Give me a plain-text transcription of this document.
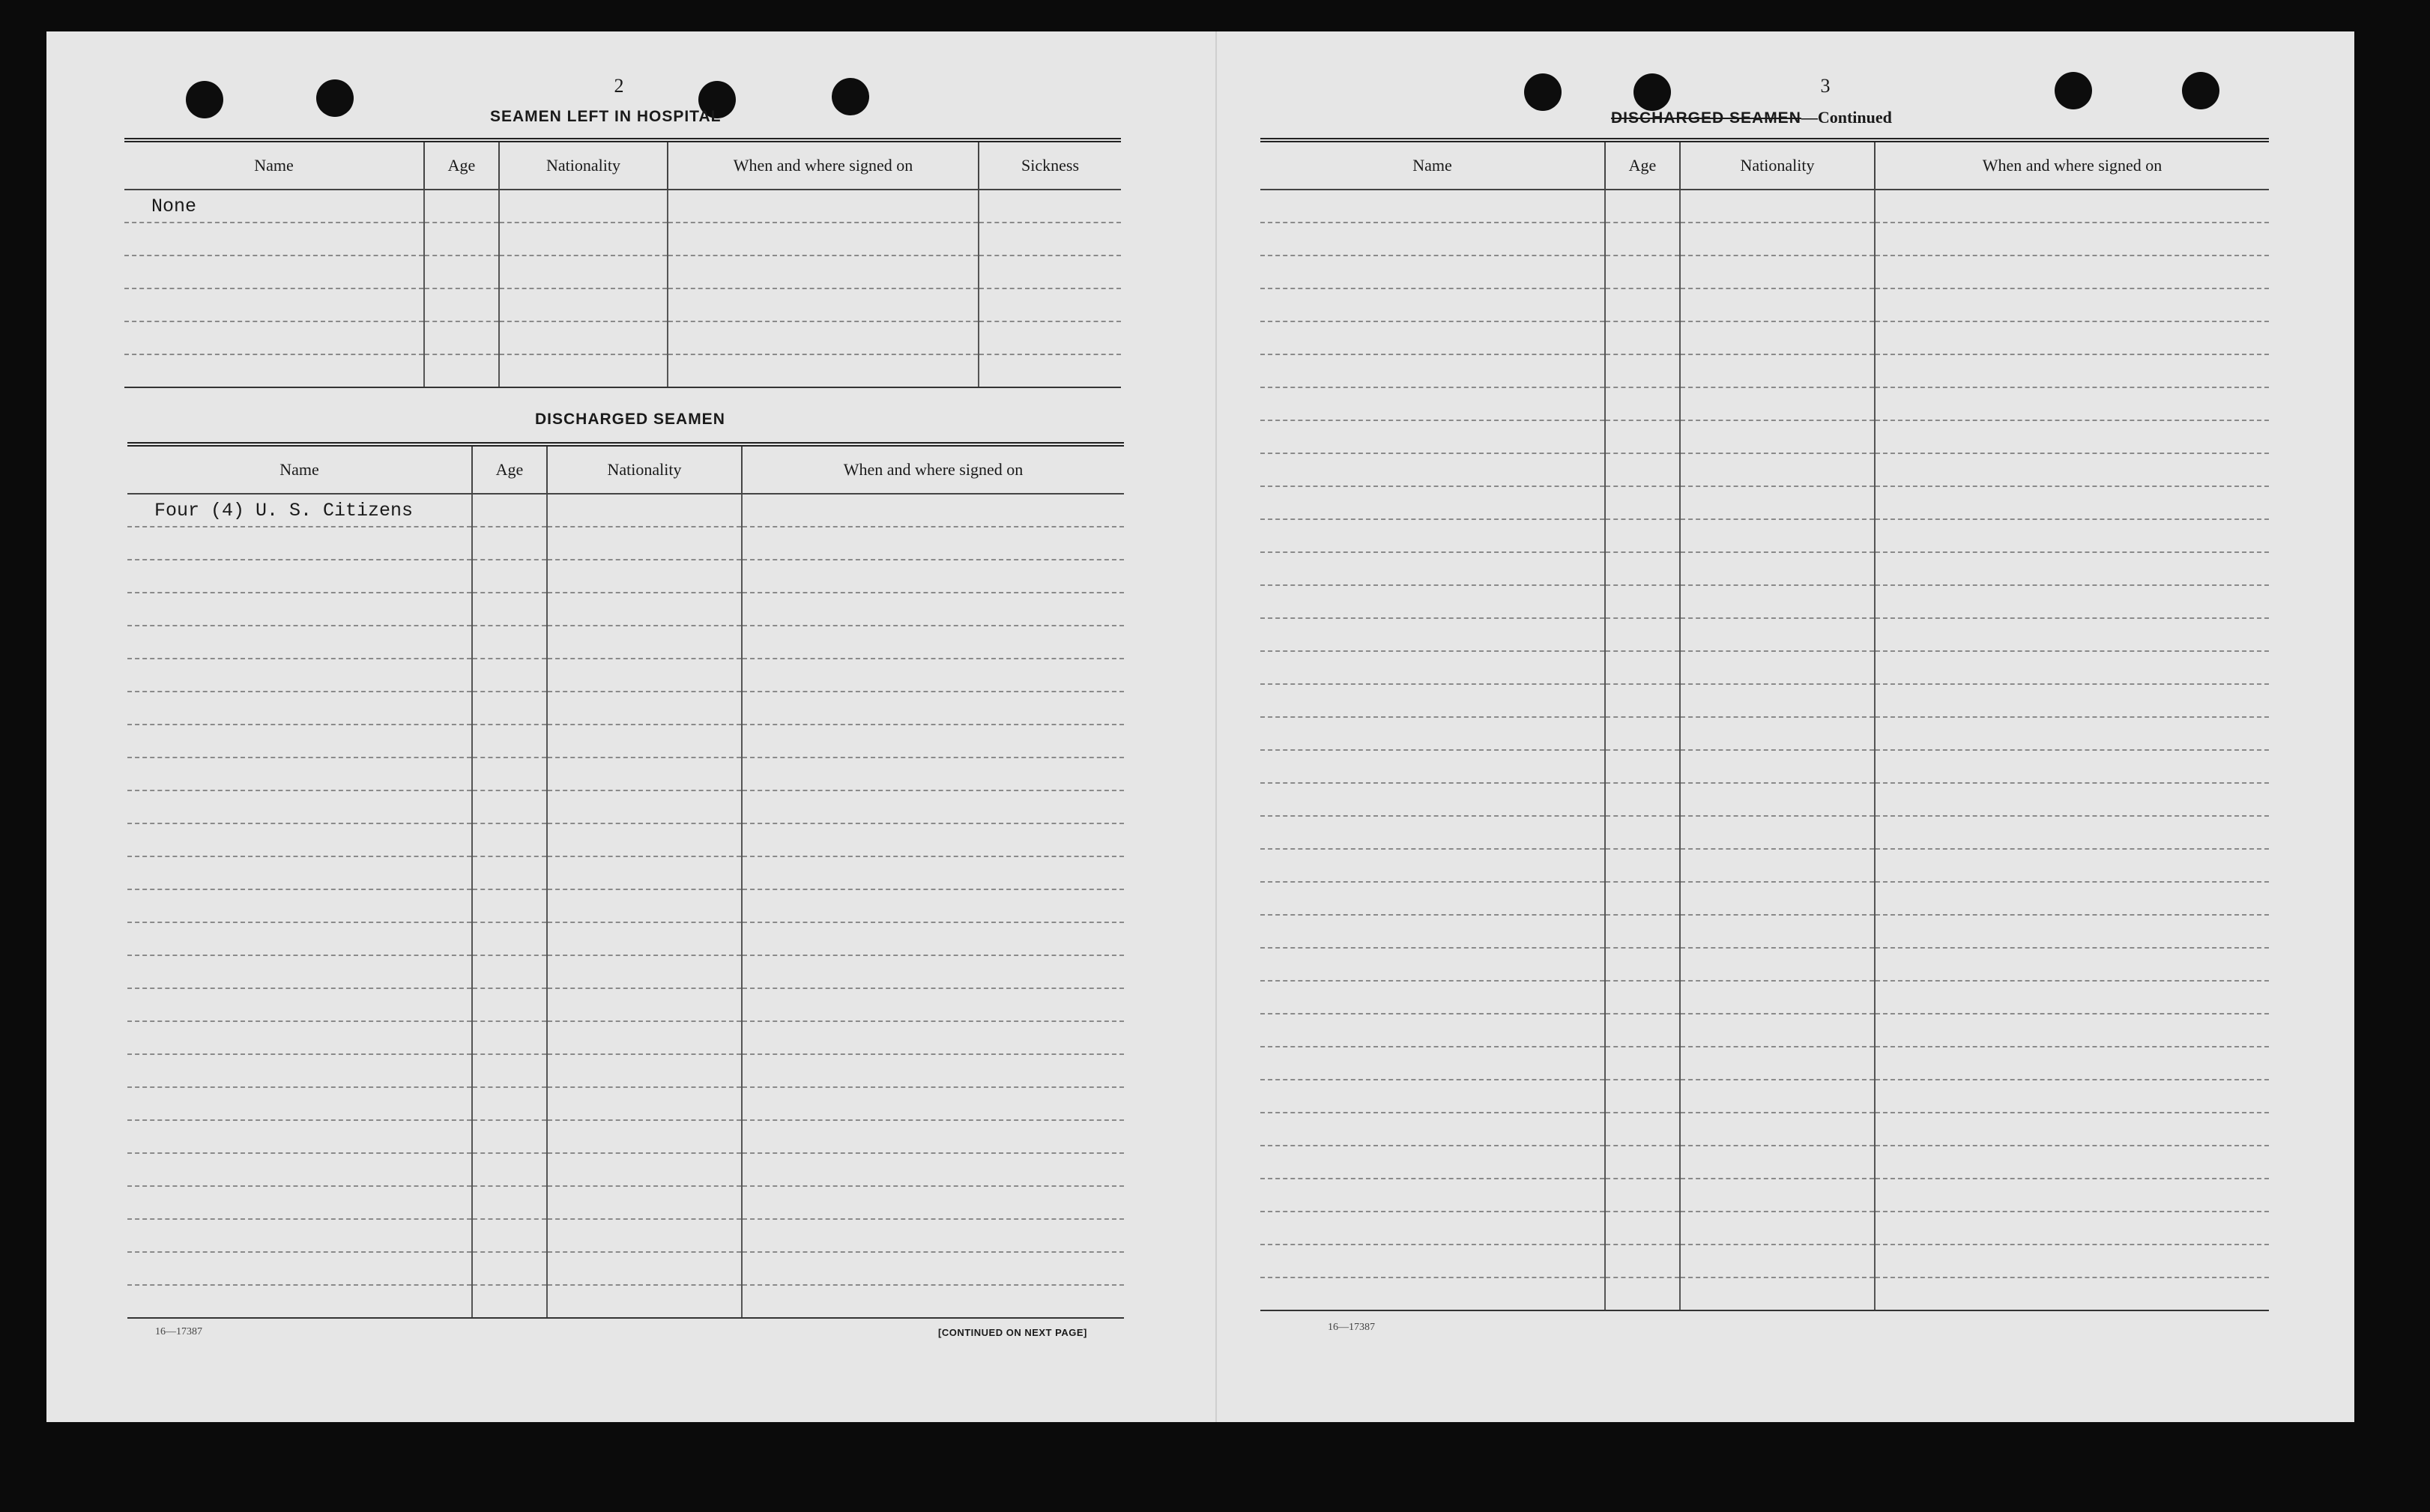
2
SEAMEN LEFT IN HOSPITAL
Name	Age	Nationality	When and where signed on	Sickness
None				

DISCHARGED SEAMEN
Name	Age	Nationality	When and where signed on
Four (4) U. S. Citizens			

16—17387	[CONTINUED ON NEXT PAGE]
3
DISCHARGED SEAMEN—Continued
Name	Age	Nationality	When and where signed on

16—17387
